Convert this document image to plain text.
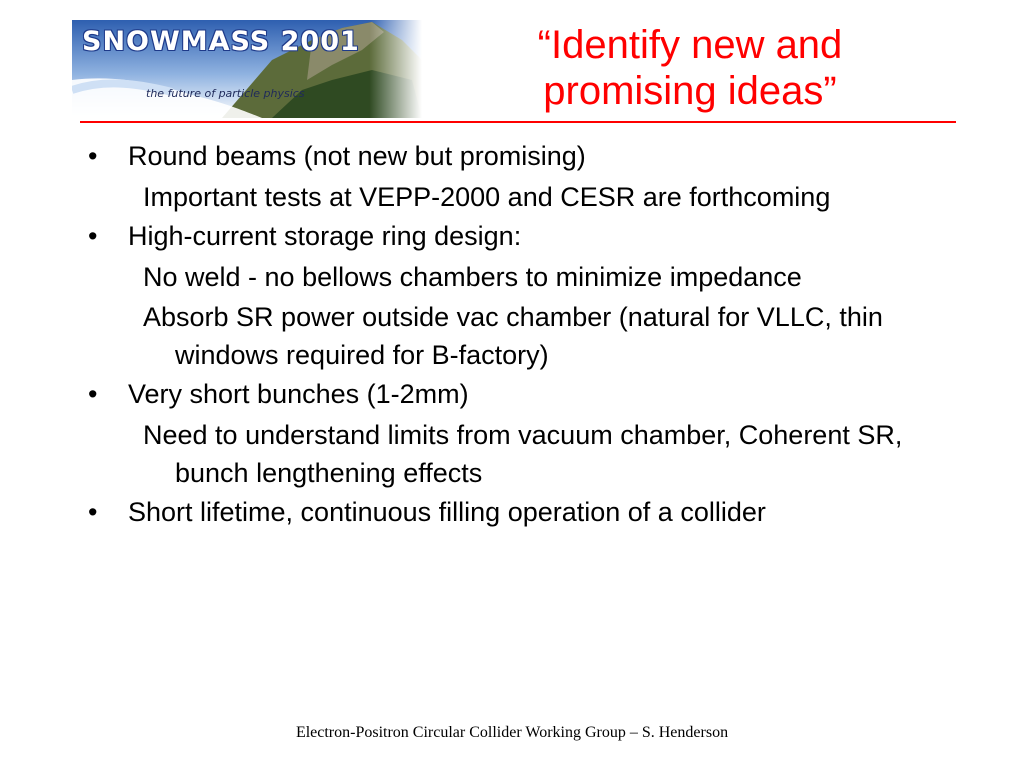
SNOWMASS 2001
the future of particle physics
“Identify new and
promising ideas”
•	Round beams (not new but promising)
Important tests at VEPP-2000 and CESR are forthcoming
•	High-current storage ring design:
No weld - no bellows chambers to minimize impedance
Absorb SR power outside vac chamber (natural for VLLC, thin windows required for B-factory)
•	Very short bunches (1-2mm)
Need to understand limits from vacuum chamber, Coherent SR, bunch lengthening effects
•	Short lifetime, continuous filling operation of a collider
Electron-Positron Circular Collider Working Group – S. Henderson
